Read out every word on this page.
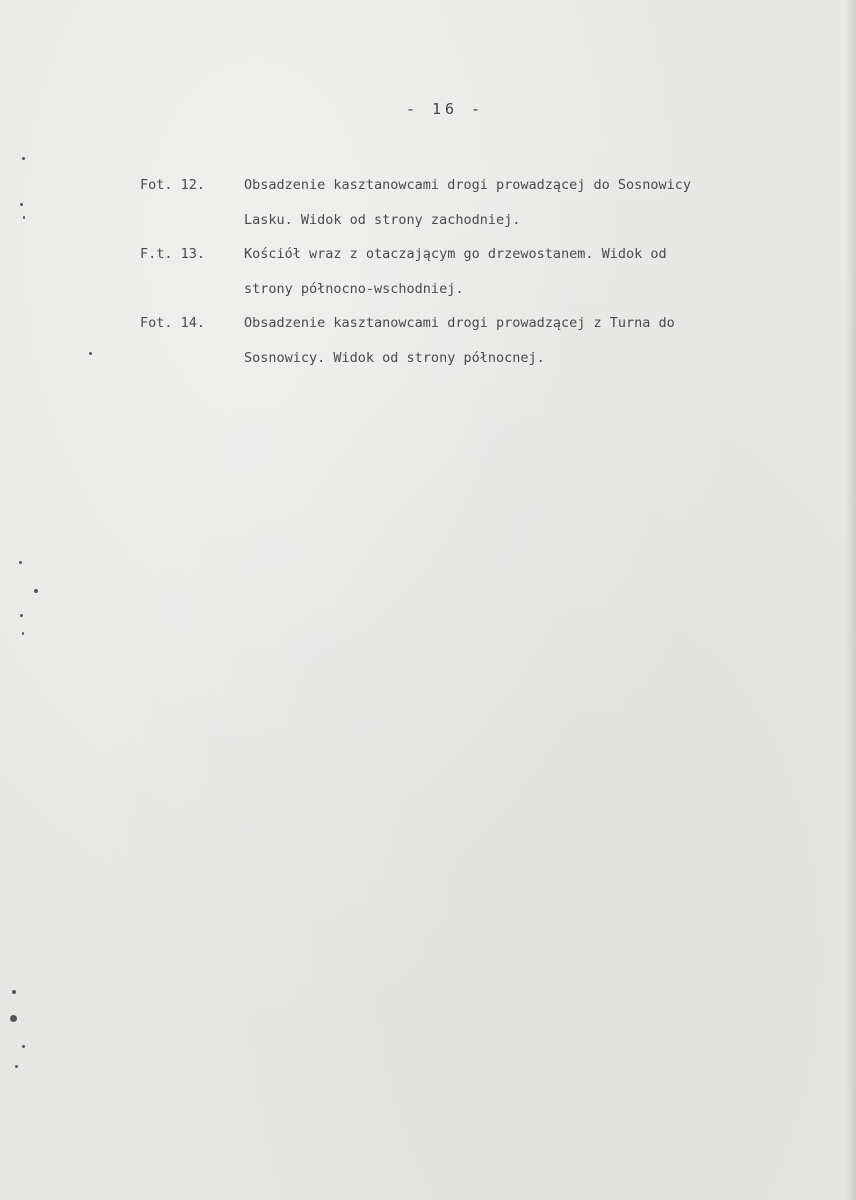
- 16 -
Fot. 12.	Obsadzenie kasztanowcami drogi prowadzącej do Sosnowicy
Lasku. Widok od strony zachodniej.
F.t. 13.	Kościół wraz z otaczającym go drzewostanem. Widok od
strony północno-wschodniej.
Fot. 14.	Obsadzenie kasztanowcami drogi prowadzącej z Turna do
Sosnowicy. Widok od strony północnej.
